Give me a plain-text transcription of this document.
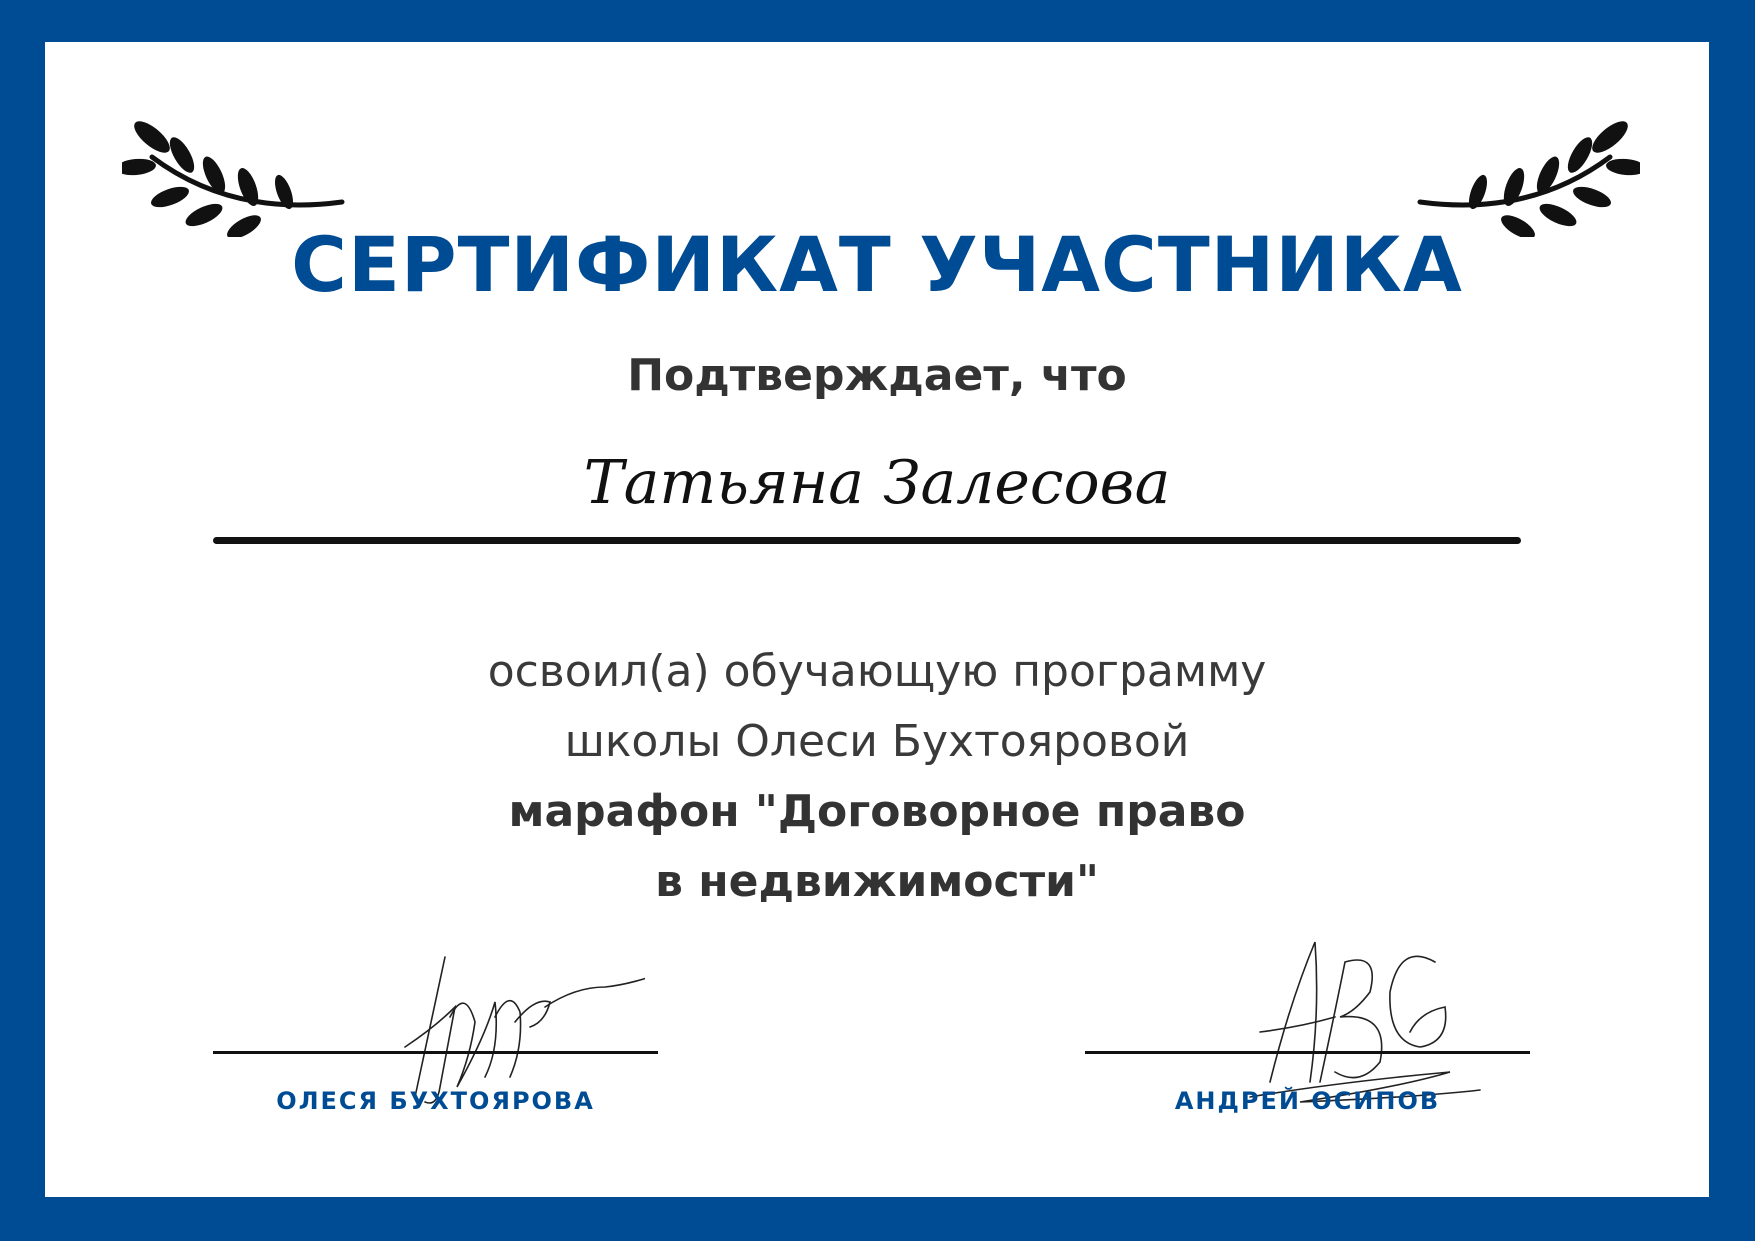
СЕРТИФИКАТ УЧАСТНИКА
Подтверждает, что
Татьяна Залесова
освоил(а) обучающую программу
школы Олеси Бухтояровой
марафон "Договорное право
в недвижимости"
ОЛЕСЯ БУХТОЯРОВА	АНДРЕЙ ОСИПОВ
